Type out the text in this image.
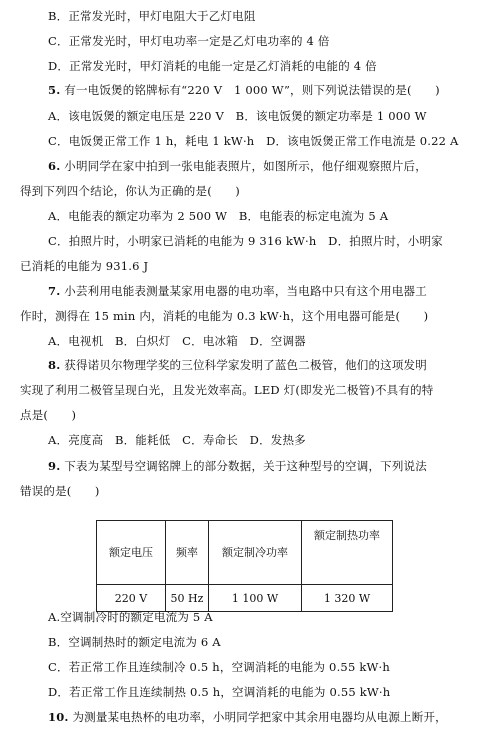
B．正常发光时，甲灯电阻大于乙灯电阻
C．正常发光时，甲灯电功率一定是乙灯电功率的 4 倍
D．正常发光时，甲灯消耗的电能一定是乙灯消耗的电能的 4 倍
5. 有一电饭煲的铭牌标有“220 V　1 000 W”，则下列说法错误的是(　　)
A．该电饭煲的额定电压是 220 V　B．该电饭煲的额定功率是 1 000 W
C．电饭煲正常工作 1 h，耗电 1 kW·h　D．该电饭煲正常工作电流是 0.22 A
6. 小明同学在家中拍到一张电能表照片，如图所示，他仔细观察照片后，
得到下列四个结论，你认为正确的是(　　)
A．电能表的额定功率为 2 500 W　B．电能表的标定电流为 5 A
C．拍照片时，小明家已消耗的电能为 9 316 kW·h　D．拍照片时，小明家
已消耗的电能为 931.6 J
7. 小芸利用电能表测量某家用电器的电功率，当电路中只有这个用电器工
作时，测得在 15 min 内，消耗的电能为 0.3 kW·h，这个用电器可能是(　　)
A．电视机　B．白炽灯　C．电冰箱　D．空调器
8. 获得诺贝尔物理学奖的三位科学家发明了蓝色二极管，他们的这项发明
实现了利用二极管呈现白光，且发光效率高。LED 灯(即发光二极管)不具有的特
点是(　　)
A．亮度高　B．能耗低　C．寿命长　D．发热多
9. 下表为某型号空调铭牌上的部分数据，关于这种型号的空调，下列说法
错误的是(　　)
额定电压	频率	额定制冷功率	额定制热功率
220 V	50 Hz	1 100 W	1 320 W
A.空调制冷时的额定电流为 5 A
B．空调制热时的额定电流为 6 A
C．若正常工作且连续制冷 0.5 h，空调消耗的电能为 0.55 kW·h
D．若正常工作且连续制热 0.5 h，空调消耗的电能为 0.55 kW·h
10. 为测量某电热杯的电功率，小明同学把家中其余用电器均从电源上断开，
